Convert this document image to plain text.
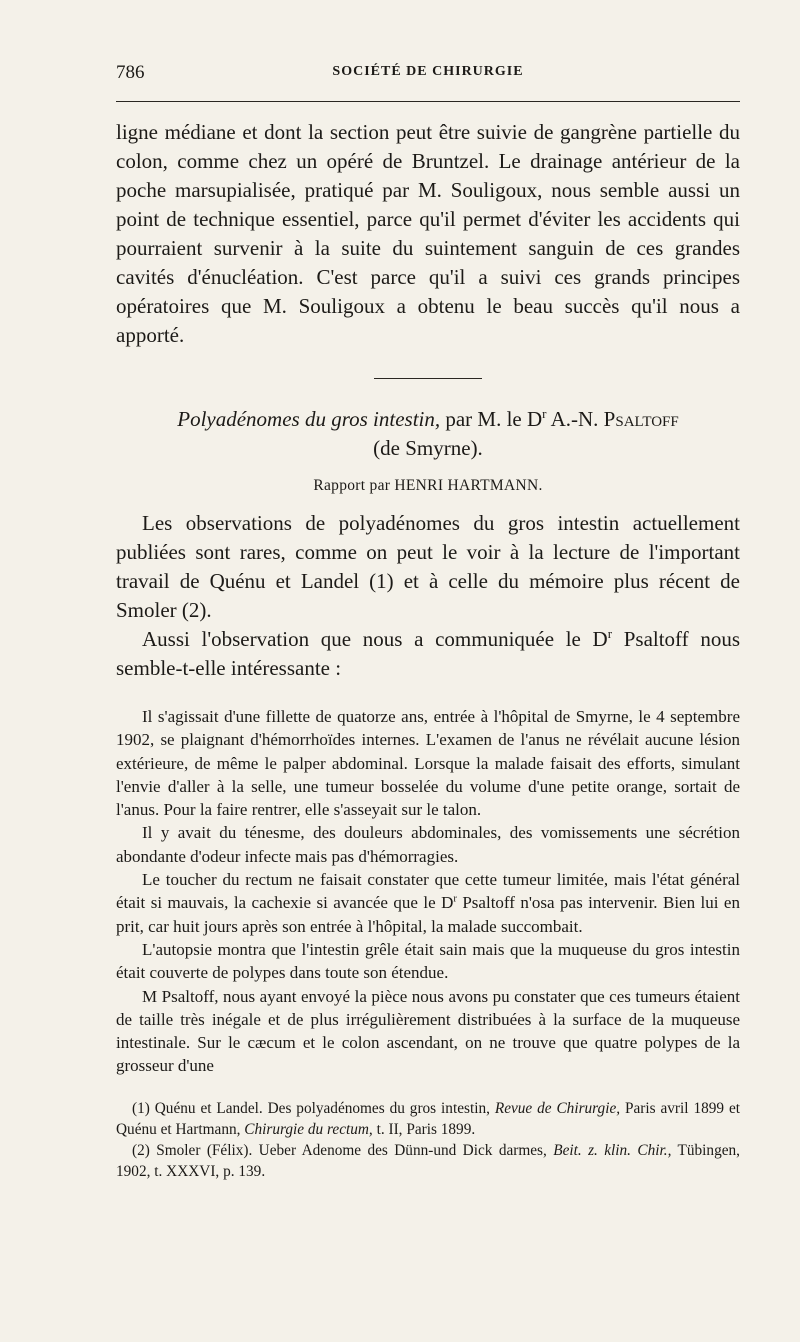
786	SOCIÉTÉ DE CHIRURGIE

ligne médiane et dont la section peut être suivie de gangrène partielle du colon, comme chez un opéré de Bruntzel. Le drainage antérieur de la poche marsupialisée, pratiqué par M. Souligoux, nous semble aussi un point de technique essentiel, parce qu'il permet d'éviter les accidents qui pourraient survenir à la suite du suintement sanguin de ces grandes cavités d'énucléation. C'est parce qu'il a suivi ces grands principes opératoires que M. Souligoux a obtenu le beau succès qu'il nous a apporté.

Polyadénomes du gros intestin, par M. le $D^r$ A.-N. Psaltoff
(de Smyrne).
Rapport par HENRI HARTMANN.

Les observations de polyadénomes du gros intestin actuellement publiées sont rares, comme on peut le voir à la lecture de l'important travail de Quénu et Landel (1) et à celle du mémoire plus récent de Smoler (2).

Aussi l'observation que nous a communiquée le $D^r$ Psaltoff nous semble-t-elle intéressante :

Il s'agissait d'une fillette de quatorze ans, entrée à l'hôpital de Smyrne, le 4 septembre 1902, se plaignant d'hémorrhoïdes internes. L'examen de l'anus ne révélait aucune lésion extérieure, de même le palper abdominal. Lorsque la malade faisait des efforts, simulant l'envie d'aller à la selle, une tumeur bosselée du volume d'une petite orange, sortait de l'anus. Pour la faire rentrer, elle s'asseyait sur le talon.

Il y avait du ténesme, des douleurs abdominales, des vomissements une sécrétion abondante d'odeur infecte mais pas d'hémorragies.

Le toucher du rectum ne faisait constater que cette tumeur limitée, mais l'état général était si mauvais, la cachexie si avancée que le $D^r$ Psaltoff n'osa pas intervenir. Bien lui en prit, car huit jours après son entrée à l'hôpital, la malade succombait.

L'autopsie montra que l'intestin grêle était sain mais que la muqueuse du gros intestin était couverte de polypes dans toute son étendue.

M Psaltoff, nous ayant envoyé la pièce nous avons pu constater que ces tumeurs étaient de taille très inégale et de plus irrégulièrement distribuées à la surface de la muqueuse intestinale. Sur le cæcum et le colon ascendant, on ne trouve que quatre polypes de la grosseur d'une

(1) Quénu et Landel. Des polyadénomes du gros intestin, Revue de Chirurgie, Paris avril 1899 et Quénu et Hartmann, Chirurgie du rectum, t. II, Paris 1899.

(2) Smoler (Félix). Ueber Adenome des Dünn-und Dick darmes, Beit. z. klin. Chir., Tübingen, 1902, t. XXXVI, p. 139.
